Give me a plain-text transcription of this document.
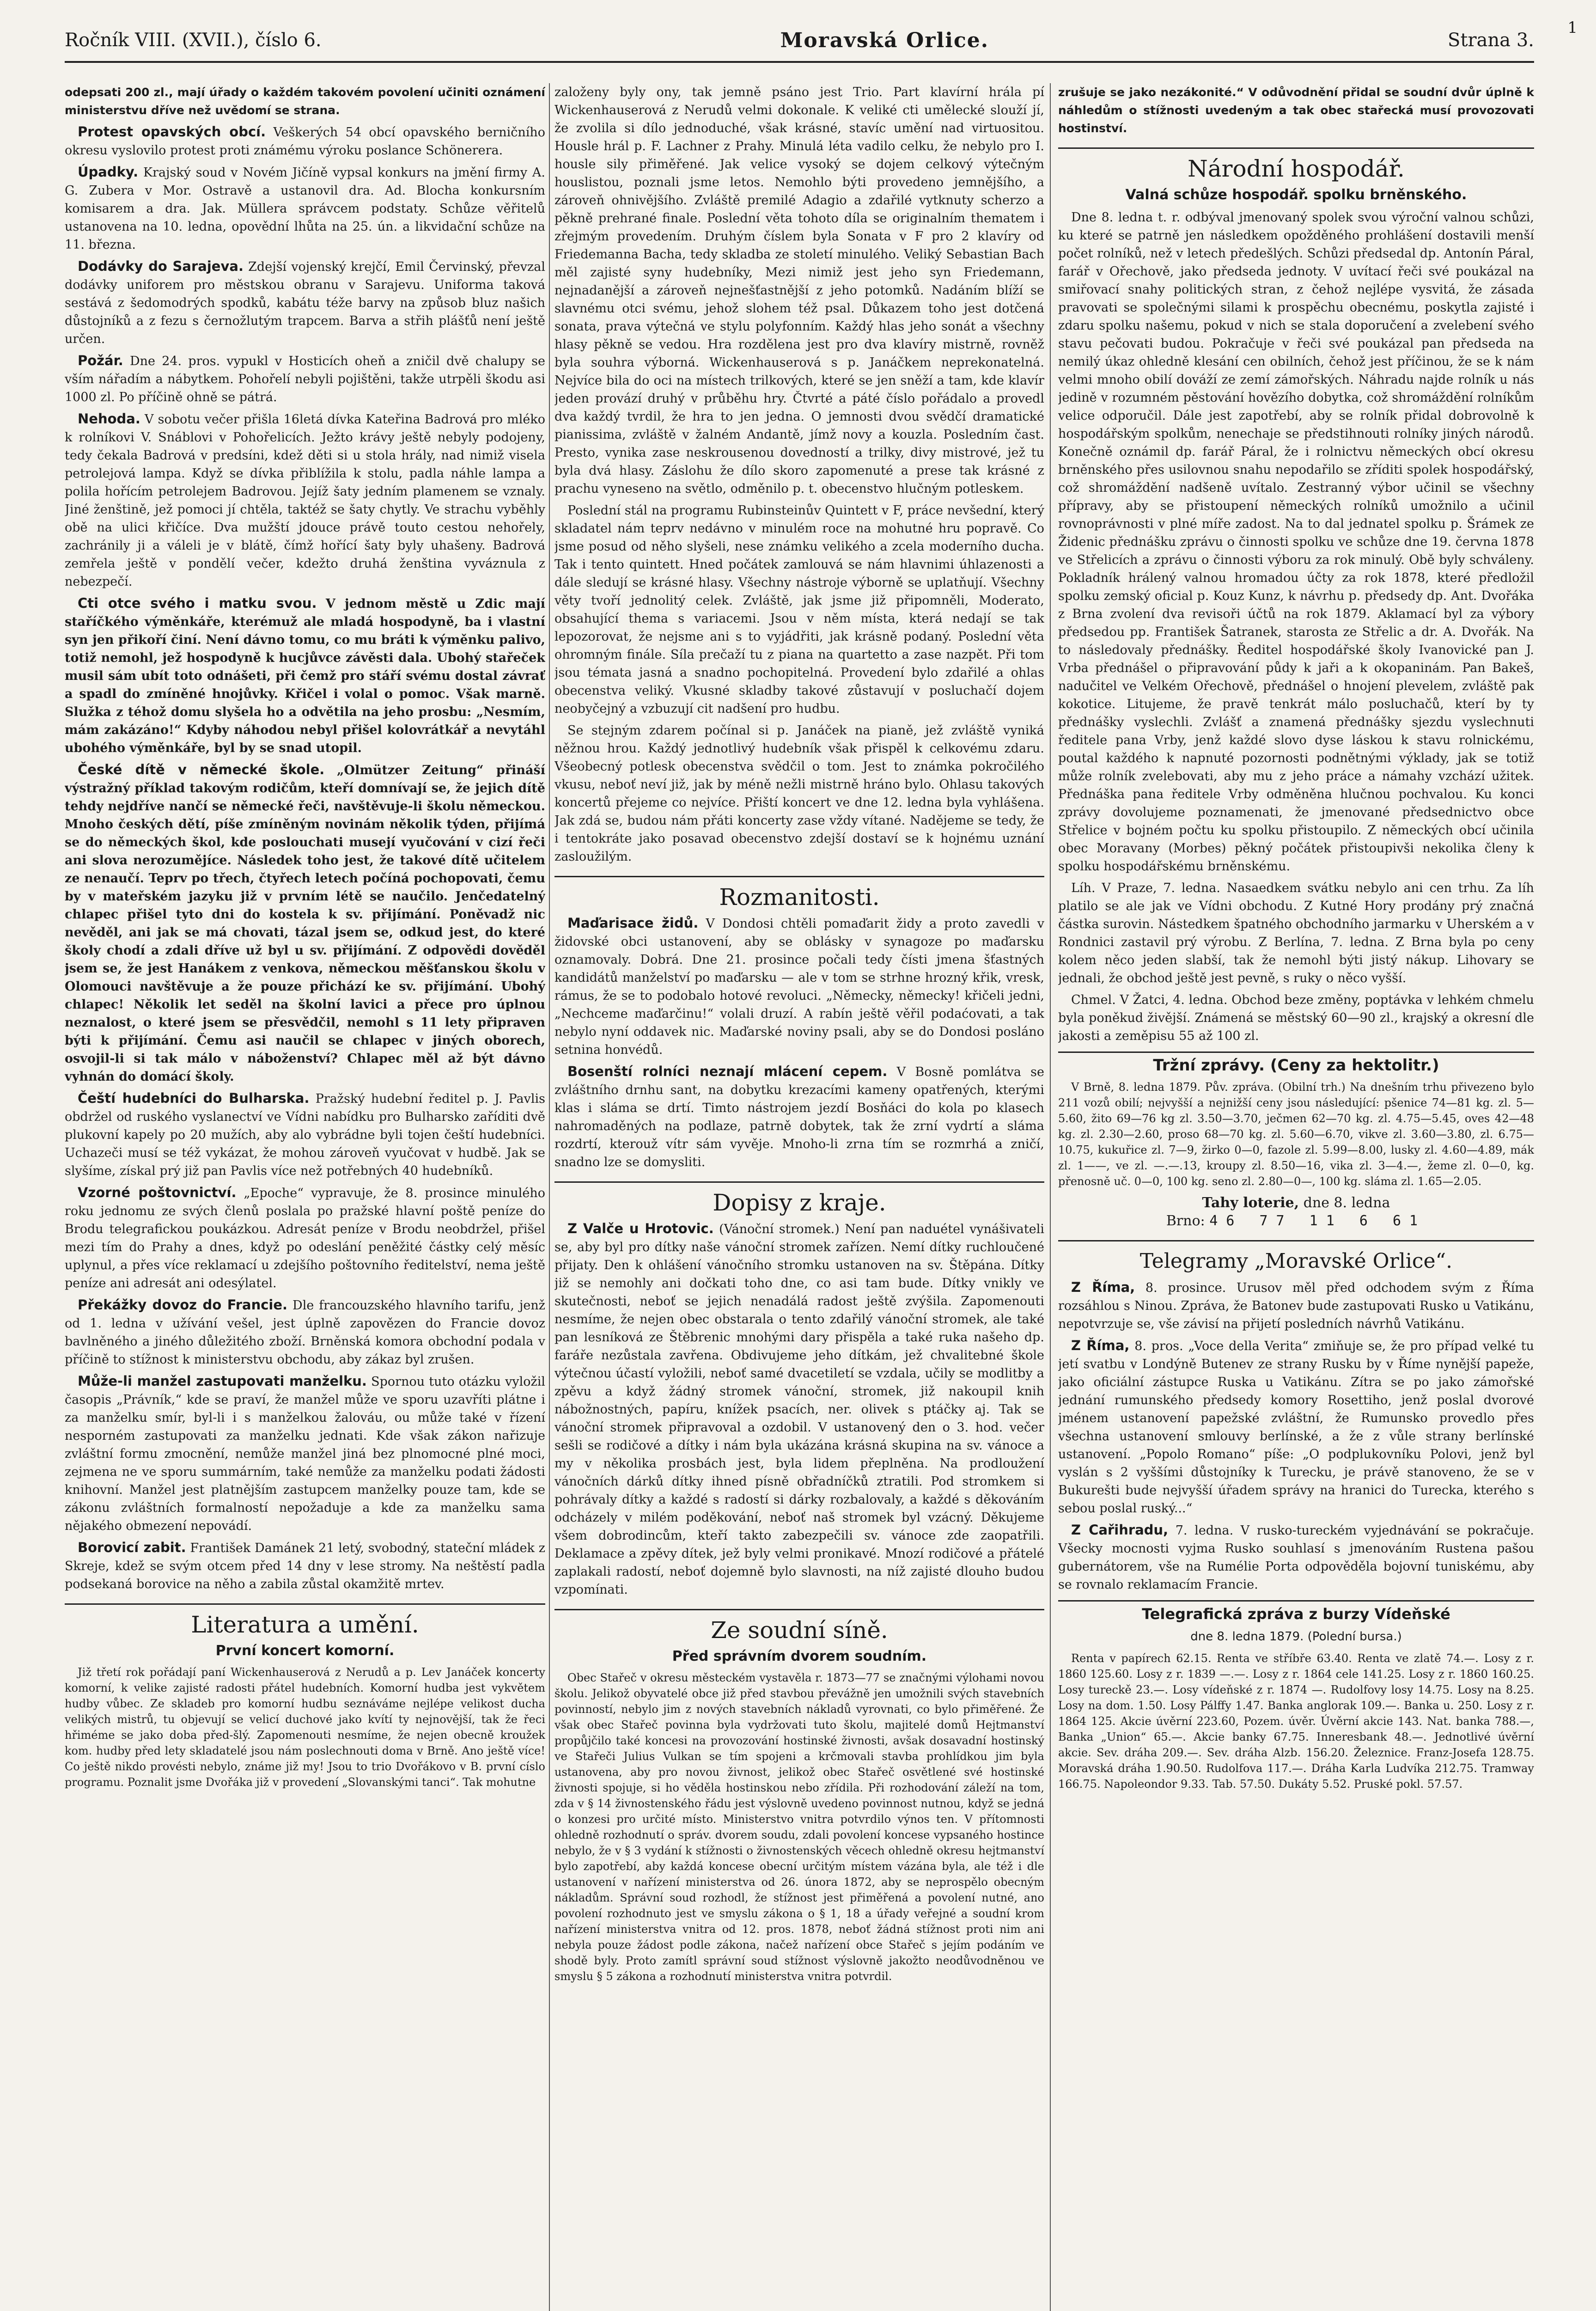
Ročník VIII. (XVII.), číslo 6.	Moravská Orlice.	Strana 3.
1

odepsati 200 zl., mají úřady o každém takovém povolení učiniti oznámení ministerstvu dříve než uvědomí se strana.

Protest opavských obcí. Veškerých 54 obcí opavského berničního okresu vyslovilo protest proti známému výroku poslance Schönerera.

Úpadky. Krajský soud v Novém Jičíně vypsal konkurs na jmění firmy A. G. Zubera v Mor. Ostravě a ustanovil dra. Ad. Blocha konkursním komisarem a dra. Jak. Müllera správcem podstaty. Schůze věřitelů ustanovena na 10. ledna, opovědní lhůta na 25. ún. a likvidační schůze na 11. března.

Dodávky do Sarajeva. Zdejší vojenský krejčí, Emil Červinský, převzal dodávky uniforem pro městskou obranu v Sarajevu. Uniforma taková sestává z šedomodrých spodků, kabátu téže barvy na způsob bluz našich důstojníků a z fezu s černožlutým trapcem. Barva a střih plášťů není ještě určen.

Požár. Dne 24. pros. vypukl v Hosticích oheň a zničil dvě chalupy se vším nářadím a nábytkem. Pohořelí nebyli pojištěni, takže utrpěli škodu asi 1000 zl. Po příčině ohně se pátrá.

Nehoda. V sobotu večer přišla 16letá dívka Kateřina Badrová pro mléko k rolníkovi V. Snáblovi v Pohořelicích. Ježto krávy ještě nebyly podojeny, tedy čekala Badrová v predsíni, kdež děti si u stola hrály, nad nimiž visela petrolejová lampa. Když se dívka přiblížila k stolu, padla náhle lampa a polila hořícím petrolejem Badrovou. Jejíž šaty jedním plamenem se vznaly. Jiné ženštině, jež pomoci jí chtěla, taktéž se šaty chytly. Ve strachu vyběhly obě na ulici křičíce. Dva mužští jdouce právě touto cestou nehořely, zachránily ji a váleli je v blátě, čímž hořící šaty byly uhašeny. Badrová zemřela ještě v pondělí večer, kdežto druhá ženština vyváznula z nebezpečí.

Cti otce svého i matku svou. V jednom městě u Zdic mají staříčkého výměnkáře, kterémuž ale mladá hospodyně, ba i vlastní syn jen přikoří činí. Není dávno tomu, co mu bráti k výměnku palivo, totiž nemohl, jež hospodyně k hucjůvce závěsti dala. Ubohý stařeček musil sám ubít toto odnášeti, při čemž pro stáří svému dostal závrať a spadl do zmíněné hnojůvky. Křičel i volal o pomoc. Však marně. Služka z téhož domu slyšela ho a odvětila na jeho prosbu: „Nesmím, mám zakázáno!“ Kdyby náhodou nebyl přišel kolovrátkář a nevytáhl ubohého výměnkáře, byl by se snad utopil.

České dítě v německé škole. „Olmützer Zeitung“ přináší výstražný příklad takovým rodičům, kteří domnívají se, že jejich dítě tehdy nejdříve nančí se německé řeči, navštěvuje-li školu německou. Mnoho českých dětí, píše zmíněným novinám několik týden, přijímá se do německých škol, kde poslouchati musejí vyučování v cizí řeči ani slova nerozumějíce. Následek toho jest, že takové dítě učitelem ze nenaučí. Teprv po třech, čtyřech letech počíná pochopovati, čemu by v mateřském jazyku již v prvním létě se naučilo. Jenčedatelný chlapec přišel tyto dni do kostela k sv. přijímání. Poněvadž nic nevěděl, ani jak se má chovati, tázal jsem se, odkud jest, do které školy chodí a zdali dříve už byl u sv. přijímání. Z odpovědi dověděl jsem se, že jest Hanákem z venkova, německou měšťanskou školu v Olomouci navštěvuje a že pouze přichází ke sv. přijímání. Ubohý chlapec! Několik let seděl na školní lavici a přece pro úplnou neznalost, o které jsem se přesvědčil, nemohl s 11 lety připraven býti k přijímání. Čemu asi naučil se chlapec v jiných oborech, osvojil-li si tak málo v náboženství? Chlapec měl až být dávno vyhnán do domácí školy.

Čeští hudebníci do Bulharska. Pražský hudební ředitel p. J. Pavlis obdržel od ruského vyslanectví ve Vídni nabídku pro Bulharsko zaříditi dvě plukovní kapely po 20 mužích, aby alo vybrádne byli tojen čeští hudebníci. Uchazeči musí se též vykázat, že mohou zároveň vyučovat v hudbě. Jak se slyšíme, získal prý již pan Pavlis více než potřebných 40 hudebníků.

Vzorné poštovnictví. „Epoche“ vypravuje, že 8. prosince minulého roku jednomu ze svých členů poslala po pražské hlavní poště peníze do Brodu telegrafickou poukázkou. Adresát peníze v Brodu neobdržel, přišel mezi tím do Prahy a dnes, když po odeslání peněžité částky celý měsíc uplynul, a přes více reklamací u zdejšího poštovního ředitelství, nema ještě peníze ani adresát ani odesýlatel.

Překážky dovoz do Francie. Dle francouzského hlavního tarifu, jenž od 1. ledna v užívání vešel, jest úplně zapovězen do Francie dovoz bavlněného a jiného důležitého zboží. Brněnská komora obchodní podala v příčině to stížnost k ministerstvu obchodu, aby zákaz byl zrušen.

Může-li manžel zastupovati manželku. Spornou tuto otázku vyložil časopis „Právník,“ kde se praví, že manžel může ve sporu uzavříti plátne i za manželku smír, byl-li i s manželkou žalováu, ou může také v řízení nesporném zastupovati za manželku jednati. Kde však zákon nařizuje zvláštní formu zmocnění, nemůže manžel jiná bez plnomocné plné moci, zejmena ne ve sporu summárním, také nemůže za manželku podati žádosti knihovní. Manžel jest platnějším zastupcem manželky pouze tam, kde se zákonu zvláštních formalností nepožaduje a kde za manželku sama nějakého obmezení nepovádí.

Borovicí zabit. František Damánek 21 letý, svobodný, stateční mládek z Skreje, kdež se svým otcem před 14 dny v lese stromy. Na neštěstí padla podsekaná borovice na něho a zabila zůstal okamžitě mrtev.

Literatura a umění.
První koncert komorní.

Již třetí rok pořádají paní Wickenhauserová z Nerudů a p. Lev Janáček koncerty komorní, k velike zajisté radosti přátel hudebních. Komorní hudba jest vykvětem hudby vůbec. Ze skladeb pro komorní hudbu seznáváme nejlépe velikost ducha velikých mistrů, tu objevují se velicí duchové jako kvítí ty nejnovější, tak že řeci hřiméme se jako doba před-šlý. Zapomenouti nesmíme, že nejen obecně kroužek kom. hudby před lety skladatelé jsou nám poslechnouti doma v Brně. Ano ještě více! Co ještě nikdo provésti nebylo, známe již my! Jsou to trio Dvořákovo v B. první císlo programu. Poznalit jsme Dvořáka již v provedení „Slovanskými tanci“. Tak mohutne

založeny byly ony, tak jemně psáno jest Trio. Part klavírní hrála pí Wickenhauserová z Nerudů velmi dokonale. K veliké cti umělecké slouží jí, že zvolila si dílo jednoduché, však krásné, stavíc umění nad virtuositou. Housle hrál p. F. Lachner z Prahy. Minulá léta vadilo celku, že nebylo pro I. housle sily přiměřené. Jak velice vysoký se dojem celkový výtečným houslistou, poznali jsme letos. Nemohlo býti provedeno jemnějšího, a zároveň ohnivějšího. Zvláště premilé Adagio a zdařilé vytknuty scherzo a pěkně prehrané finale. Poslední věta tohoto díla se originalním thematem i zřejmým provedením. Druhým číslem byla Sonata v F pro 2 klavíry od Friedemanna Bacha, tedy skladba ze století minulého. Veliký Sebastian Bach měl zajisté syny hudebníky, Mezi nimiž jest jeho syn Friedemann, nejnadanější a zároveň nejnešťastnější z jeho potomků. Nadáním blíží se slavnému otci svému, jehož slohem též psal. Důkazem toho jest dotčená sonata, prava výtečná ve stylu polyfonním. Každý hlas jeho sonát a všechny hlasy pěkně se vedou. Hra rozdělena jest pro dva klavíry mistrně, rovněž byla souhra výborná. Wickenhauserová s p. Janáčkem neprekonatelná. Nejvíce bila do oci na místech trilkových, které se jen sněží a tam, kde klavír jeden provází druhý v průběhu hry. Čtvrté a páté číslo pořádalo a provedl dva každý tvrdil, že hra to jen jedna. O jemnosti dvou svědčí dramatické pianissima, zvláště v žalném Andantě, jímž novy a kouzla. Posledním čast. Presto, vynika zase neskrousenou dovedností a trilky, divy mistrové, jež tu byla dvá hlasy. Záslohu že dílo skoro zapomenuté a prese tak krásné z prachu vyneseno na světlo, odměnilo p. t. obecenstvo hlučným potleskem.

Poslední stál na programu Rubinsteinův Quintett v F, práce nevšední, který skladatel nám teprv nedávno v minulém roce na mohutné hru popravě. Co jsme posud od něho slyšeli, nese známku velikého a zcela moderního ducha. Tak i tento quintett. Hned počátek zamlouvá se nám hlavnimi úhlazenosti a dále sledují se krásné hlasy. Všechny nástroje výborně se uplatňují. Všechny věty tvoří jednolitý celek. Zvláště, jak jsme již připomněli, Moderato, obsahující thema s variacemi. Jsou v něm místa, která nedají se tak lepozorovat, že nejsme ani s to vyjádřiti, jak krásně podaný. Poslední věta ohromným finále. Síla prečaží tu z piana na quartetto a zase nazpět. Při tom jsou témata jasná a snadno pochopitelná. Provedení bylo zdařilé a ohlas obecenstva veliký. Vkusné skladby takové zůstavují v posluchačí dojem neobyčejný a vzbuzují cit nadšení pro hudbu.

Se stejným zdarem počínal si p. Janáček na pianě, jež zvláště vyniká něžnou hrou. Každý jednotlivý hudebník však přispěl k celkovému zdaru. Všeobecný potlesk obecenstva svědčil o tom. Jest to známka pokročilého vkusu, neboť neví již, jak by méně nežli mistrně hráno bylo. Ohlasu takových koncertů přejeme co nejvíce. Přiští koncert ve dne 12. ledna byla vyhlášena. Jak zdá se, budou nám přáti koncerty zase vždy vítané. Nadějeme se tedy, že i tentokráte jako posavad obecenstvo zdejší dostaví se k hojnému uznání zasloužilým.

Rozmanitosti.

Maďarisace židů. V Dondosi chtěli pomaďarit židy a proto zavedli v židovské obci ustanovení, aby se oblásky v synagoze po maďarsku oznamovaly. Dobrá. Dne 21. prosince počali tedy čísti jmena šťastných kandidátů manželství po maďarsku — ale v tom se strhne hrozný křik, vresk, rámus, že se to podobalo hotové revoluci. „Německy, německy! křičeli jedni, „Nechceme maďarčinu!“ volali druzí. A rabín ještě věřil podaćovati, a tak nebylo nyní oddavek nic. Maďarské noviny psali, aby se do Dondosi posláno setnina honvédů.

Bosenští rolníci neznají mlácení cepem. V Bosně pomlátva se zvláštního drnhu sant, na dobytku krezacími kameny opatřených, kterými klas i sláma se drtí. Timto nástrojem jezdí Bosňáci do kola po klasech nahromaděných na podlaze, patrně dobytek, tak že zrní vydrtí a sláma rozdrtí, kterouž vítr sám vyvěje. Mnoho-li zrna tím se rozmrhá a zničí, snadno lze se domysliti.

Dopisy z kraje.

Z Valče u Hrotovic. (Vánoční stromek.) Není pan naduétel vynášivateli se, aby byl pro dítky naše vánoční stromek zařízen. Nemí dítky ruchloučené přijaty. Den k ohlášení vánočního stromku ustanoven na sv. Štěpána. Dítky již se nemohly ani dočkati toho dne, co asi tam bude. Dítky vnikly ve skutečnosti, neboť se jejich nenadálá radost ještě zvýšila. Zapomenouti nesmíme, že nejen obec obstarala o tento zdařilý vánoční stromek, ale také pan lesníková ze Štěbrenic mnohými dary přispěla a také ruka našeho dp. faráře nezůstala zavřena. Obdivujeme jeho dítkám, jež chvalitebné škole výtečnou účastí vyložili, neboť samé dvacetiletí se vzdala, učily se modlitby a zpěvu a když žádný stromek vánoční, stromek, již nakoupil knih nábožnostných, papíru, knížek psacích, ner. olivek s ptáčky aj. Tak se vánoční stromek připravoval a ozdobil. V ustanovený den o 3. hod. večer sešli se rodičové a dítky i nám byla ukázána krásná skupina na sv. vánoce a my v několika prosbách jest, byla lidem přeplněna. Na prodloužení vánočních dárků dítky ihned písně obřadníčků ztratili. Pod stromkem si pohrávaly dítky a každé s radostí si dárky rozbalovaly, a každé s děkováním odcházely v milém poděkování, neboť naš stromek byl vzácný. Děkujeme všem dobrodincům, kteří takto zabezpečili sv. vánoce zde zaopatřili. Deklamace a zpěvy dítek, jež byly velmi pronikavé. Mnozí rodičové a přátelé zaplakali radostí, neboť dojemně bylo slavnosti, na níž zajisté dlouho budou vzpomínati.

Ze soudní síně.
Před správním dvorem soudním.

Obec Stařeč v okresu městeckém vystavěla r. 1873—77 se značnými výlohami novou školu. Jelikož obyvatelé obce již před stavbou převážně jen umožnili svých stavebních povinností, nebylo jim z nových stavebních nákladů vyrovnati, co bylo přiměřené. Že však obec Stařeč povinna byla vydržovati tuto školu, majitelé domů Hejtmanství propůjčilo také koncesi na provozování hostinské živnosti, avšak dosavadní hostinský ve Stařeči Julius Vulkan se tím spojeni a krčmovali stavba prohlídkou jim byla ustanovena, aby pro novou živnost, jelikož obec Stařeč osvětlené své hostinské živnosti spojuje, si ho věděla hostinskou nebo zřídila. Při rozhodování záleží na tom, zda v § 14 živnostenského řádu jest výslovně uvedeno povinnost nutnou, když se jedná o konzesi pro určité místo. Ministerstvo vnitra potvrdilo výnos ten. V přítomnosti ohledně rozhodnutí o správ. dvorem soudu, zdali povolení koncese vypsaného hostince nebylo, že v § 3 vydání k stížnosti o živnostenských věcech ohledně okresu hejtmanství bylo zapotřebí, aby každá koncese obecní určitým místem vázána byla, ale též i dle ustanovení v nařízení ministerstva od 26. února 1872, aby se neprospělo obecným nákladům. Správní soud rozhodl, že stížnost jest přiměřená a povolení nutné, ano povolení rozhodnuto jest ve smyslu zákona o § 1, 18 a úřady veřejné a soudní krom nařízení ministerstva vnitra od 12. pros. 1878, neboť žádná stížnost proti nim ani nebyla pouze žádost podle zákona, načež nařízení obce Stařeč s jejím podáním ve shodě byly. Proto zamítl správní soud stížnost výslovně jakožto neodůvodněnou ve smyslu § 5 zákona a rozhodnutí ministerstva vnitra potvrdil.

zrušuje se jako nezákonité.“ V odůvodnění přidal se soudní dvůr úplně k náhledům o stížnosti uvedeným a tak obec stařecká musí provozovati hostinství.

Národní hospodář.
Valná schůze hospodář. spolku brněnského.

Dne 8. ledna t. r. odbýval jmenovaný spolek svou výroční valnou schůzi, ku které se patrně jen následkem opožděného prohlášení dostavili menší počet rolníků, než v letech předešlých. Schůzi předsedal dp. Antonín Páral, farář v Ořechově, jako předseda jednoty. V uvítací řeči své poukázal na smiřovací snahy politických stran, z čehož nejlépe vysvitá, že zásada pravovati se společnými silami k prospěchu obecnému, poskytla zajisté i zdaru spolku našemu, pokud v nich se stala doporučení a zvelebení svého stavu pečovati budou. Pokračuje v řeči své poukázal pan předseda na nemilý úkaz ohledně klesání cen obilních, čehož jest příčinou, že se k nám velmi mnoho obilí dováží ze zemí zámořských. Náhradu najde rolník u nás jedině v rozumném pěstování hovězího dobytka, což shromáždění rolníkům velice odporučil. Dále jest zapotřebí, aby se rolník přidal dobrovolně k hospodářským spolkům, nenechaje se předstihnouti rolníky jiných národů. Konečně oznámil dp. farář Páral, že i rolnictvu německých obcí okresu brněnského přes usilovnou snahu nepodařilo se zříditi spolek hospodářský, což shromáždění nadšeně uvítalo. Zestranný výbor učinil se všechny přípravy, aby se přistoupení německých rolníků umožnilo a učinil rovnoprávnosti v plné míře zadost. Na to dal jednatel spolku p. Šrámek ze Židenic přednášku zprávu o činnosti spolku ve schůze dne 19. června 1878 ve Střelicích a zprávu o činnosti výboru za rok minulý. Obě byly schváleny. Pokladník hrálený valnou hromadou účty za rok 1878, které předložil spolku zemský oficial p. Kouz Kunz, k návrhu p. předsedy dp. Ant. Dvořáka z Brna zvolení dva revisoři účtů na rok 1879. Aklamací byl za výbory předsedou pp. František Šatranek, starosta ze Střelic a dr. A. Dvořák. Na to následovaly přednášky. Ředitel hospodářské školy Ivanovické pan J. Vrba přednášel o připravování půdy k jaři a k okopaninám. Pan Bakeš, nadučitel ve Velkém Ořechově, přednášel o hnojení plevelem, zvláště pak kokotice. Litujeme, že pravě tenkrát málo posluchačů, kterí by ty přednášky vyslechli. Zvlášť a znamená přednášky sjezdu vyslechnuti ředitele pana Vrby, jenž každé slovo dyse láskou k stavu rolnickému, poutal každého k napnuté pozornosti podnětnými výklady, jak se totiž může rolník zvelebovati, aby mu z jeho práce a námahy vzchází užitek. Přednáška pana ředitele Vrby odměněna hlučnou pochvalou. Ku konci zprávy dovolujeme poznamenati, že jmenované předsednictvo obce Střelice v bojném počtu ku spolku přistoupilo. Z německých obcí učinila obec Moravany (Morbes) pěkný počátek přistoupivši nekolika členy k spolku hospodářskému brněnskému.

Líh. V Praze, 7. ledna. Nasaedkem svátku nebylo ani cen trhu. Za líh platilo se ale jak ve Vídni obchodu. Z Kutné Hory prodány prý značná částka surovin. Nástedkem špatného obchodního jarmarku v Uherském a v Rondnici zastavil prý výrobu. Z Berlína, 7. ledna. Z Brna byla po ceny kolem něco jeden slabší, tak že nemohl býti jistý nákup. Lihovary se jednali, že obchod ještě jest pevně, s ruky o něco vyšší.

Chmel. V Žatci, 4. ledna. Obchod beze změny, poptávka v lehkém chmelu byla poněkud živější. Známená se městský 60—90 zl., krajský a okresní dle jakosti a zeměpisu 55 až 100 zl.

Tržní zprávy. (Ceny za hektolitr.)

V Brně, 8. ledna 1879. Pův. zpráva. (Obilní trh.) Na dnešním trhu přivezeno bylo 211 vozů obilí; nejvyšší a nejnižší ceny jsou následující: pšenice 74—81 kg. zl. 5—5.60, žito 69—76 kg zl. 3.50—3.70, ječmen 62—70 kg. zl. 4.75—5.45, oves 42—48 kg. zl. 2.30—2.60, proso 68—70 kg. zl. 5.60—6.70, vikve zl. 3.60—3.80, zl. 6.75—10.75, kukuřice zl. 7—9, žirko 0—0, fazole zl. 5.99—8.00, lusky zl. 4.60—4.89, mák zl. 1——, ve zl. —.—.13, kroupy zl. 8.50—16, vika zl. 3—4.—, žeme zl. 0—0, kg. přenosně uč. 0—0, 100 kg. seno zl. 2.80—0—, 100 kg. sláma zl. 1.65—2.05.

Tahy loterie, dne 8. ledna
Brno: 46 77 11 6 61
Telegramy „Moravské Orlice“.

Z Říma, 8. prosince. Urusov měl před odchodem svým z Říma rozsáhlou s Ninou. Zpráva, že Batonev bude zastupovati Rusko u Vatikánu, nepotvrzuje se, vše závisí na přijetí posledních návrhů Vatikánu.

Z Říma, 8. pros. „Voce della Verita“ zmiňuje se, že pro případ velké tu jetí svatbu v Londýně Butenev ze strany Rusku by v Říme nynější papeže, jako oficiální zástupce Ruska u Vatikánu. Zítra se po jako zámořské jednání rumunského předsedy komory Rosettiho, jenž poslal dvorové jménem ustanovení papežské zvláštní, že Rumunsko provedlo přes všechna ustanovení smlouvy berlínské, a že z vůle strany berlínské ustanovení. „Popolo Romano“ píše: „O podplukovníku Polovi, jenž byl vyslán s 2 vyššími důstojníky k Turecku, je právě stanoveno, že se v Bukurešti bude nejvyšší úřadem správy na hranici do Turecka, kterého s sebou poslal ruský...“

Z Cařihradu, 7. ledna. V rusko-tureckém vyjednávání se pokračuje. Všecky mocnosti vyjma Rusko souhlasí s jmenováním Rustena pašou gubernátorem, vše na Rumélie Porta odpověděla bojovní tuniskému, aby se rovnalo reklamacím Francie.

Telegrafická zpráva z burzy Vídeňské
dne 8. ledna 1879. (Polední bursa.)

Renta v papírech 62.15. Renta ve stříbře 63.40. Renta ve zlatě 74.—. Losy z r. 1860 125.60. Losy z r. 1839 —.—. Losy z r. 1864 cele 141.25. Losy z r. 1860 160.25. Losy tureckě 23.—. Losy vídeňské z r. 1874 —. Rudolfovy losy 14.75. Losy na 8.25. Losy na dom. 1.50. Losy Pálffy 1.47. Banka anglorak 109.—. Banka u. 250. Losy z r. 1864 125. Akcie úvěrní 223.60, Pozem. úvěr. Úvěrní akcie 143. Nat. banka 788.—, Banka „Union“ 65.—. Akcie banky 67.75. Inneresbank 48.—. Jednotlivé úvěrní akcie. Sev. dráha 209.—. Sev. dráha Alzb. 156.20. Železnice. Franz-Josefa 128.75. Moravská dráha 1.90.50. Rudolfova 117.—. Dráha Karla Ludvíka 212.75. Tramway 166.75. Napoleondor 9.33. Tab. 57.50. Dukáty 5.52. Pruské pokl. 57.57.
